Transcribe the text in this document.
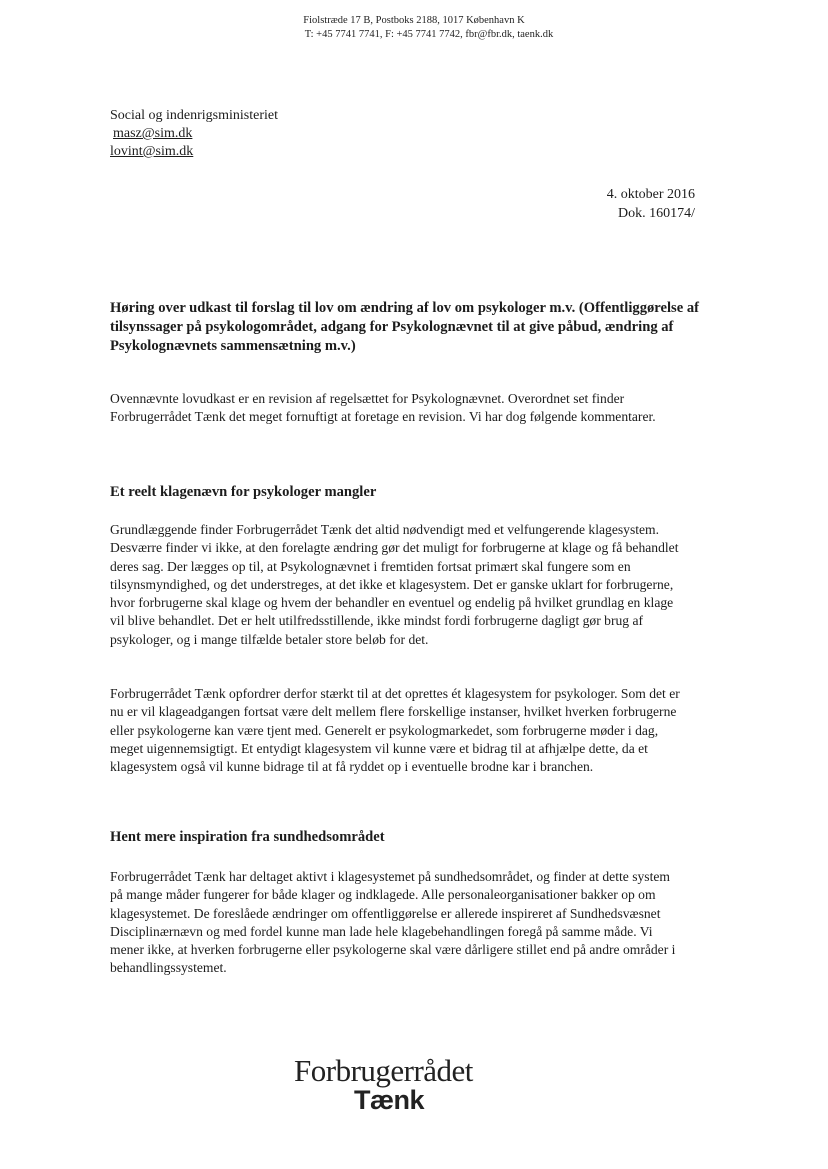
Fiolstræde 17 B, Postboks 2188, 1017 København K
T: +45 7741 7741, F: +45 7741 7742, fbr@fbr.dk, taenk.dk
Social og indenrigsministeriet
masz@sim.dk
lovint@sim.dk
4. oktober 2016
Dok. 160174/
Høring over udkast til forslag til lov om ændring af lov om psykologer m.v. (Offentliggørelse af tilsynssager på psykologområdet, adgang for Psykolognævnet til at give påbud, ændring af Psykolognævnets sammensætning m.v.)
Ovennævnte lovudkast er en revision af regelsættet for Psykolognævnet. Overordnet set finder Forbrugerrådet Tænk det meget fornuftigt at foretage en revision. Vi har dog følgende kommentarer.
Et reelt klagenævn for psykologer mangler
Grundlæggende finder Forbrugerrådet Tænk det altid nødvendigt med et velfungerende klagesystem. Desværre finder vi ikke, at den forelagte ændring gør det muligt for forbrugerne at klage og få behandlet deres sag. Der lægges op til, at Psykolognævnet i fremtiden fortsat primært skal fungere som en tilsynsmyndighed, og det understreges, at det ikke et klagesystem. Det er ganske uklart for forbrugerne, hvor forbrugerne skal klage og hvem der behandler en eventuel og endelig på hvilket grundlag en klage vil blive behandlet. Det er helt utilfredsstillende, ikke mindst fordi forbrugerne dagligt gør brug af psykologer, og i mange tilfælde betaler store beløb for det.
Forbrugerrådet Tænk opfordrer derfor stærkt til at det oprettes ét klagesystem for psykologer. Som det er nu er vil klageadgangen fortsat være delt mellem flere forskellige instanser, hvilket hverken forbrugerne eller psykologerne kan være tjent med. Generelt er psykologmarkedet, som forbrugerne møder i dag, meget uigennemsigtigt. Et entydigt klagesystem vil kunne være et bidrag til at afhjælpe dette, da et klagesystem også vil kunne bidrage til at få ryddet op i eventuelle brodne kar i branchen.
Hent mere inspiration fra sundhedsområdet
Forbrugerrådet Tænk har deltaget aktivt i klagesystemet på sundhedsområdet, og finder at dette system på mange måder fungerer for både klager og indklagede. Alle personaleorganisationer bakker op om klagesystemet. De foreslåede ændringer om offentliggørelse er allerede inspireret af Sundhedsvæsnet Disciplinærnævn og med fordel kunne man lade hele klagebehandlingen foregå på samme måde. Vi mener ikke, at hverken forbrugerne eller psykologerne skal være dårligere stillet end på andre områder i behandlingssystemet.
Forbrugerrådet
Tænk
